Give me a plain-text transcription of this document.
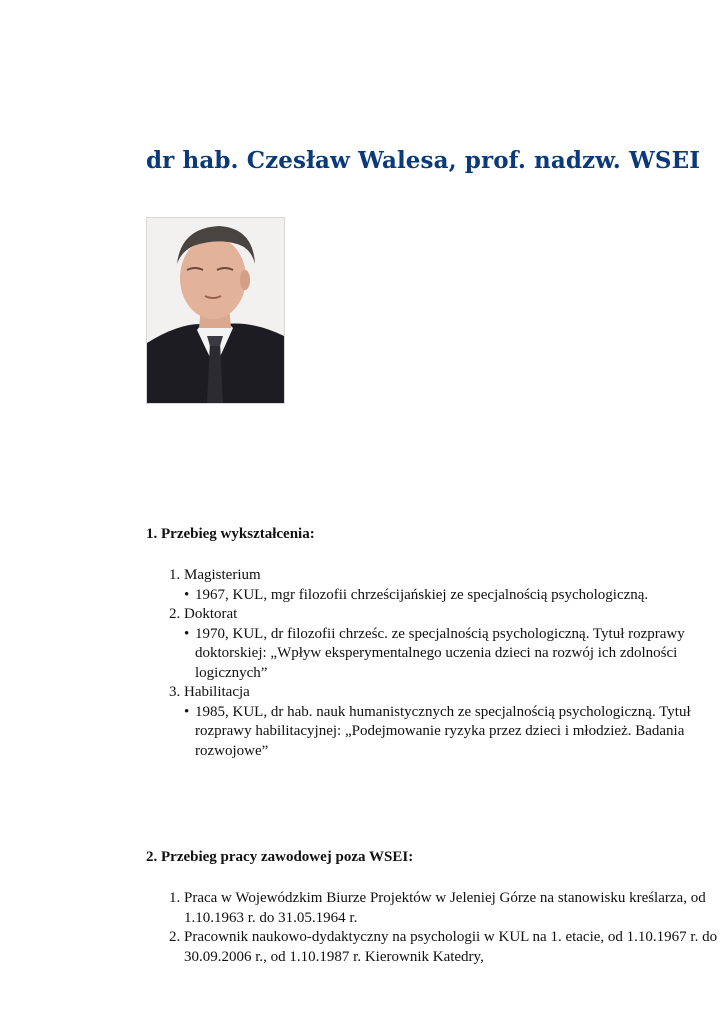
dr hab. Czesław Walesa, prof. nadzw. WSEI
1. Przebieg wykształcenia:
1. Magisterium
• 1967, KUL, mgr filozofii chrześcijańskiej ze specjalnością psychologiczną.
2. Doktorat
• 1970, KUL, dr filozofii chrześc. ze specjalnością psychologiczną. Tytuł rozprawy doktorskiej: „Wpływ eksperymentalnego uczenia dzieci na rozwój ich zdolności logicznych”
3. Habilitacja
• 1985, KUL, dr hab. nauk humanistycznych ze specjalnością psychologiczną. Tytuł rozprawy habilitacyjnej: „Podejmowanie ryzyka przez dzieci i młodzież. Badania rozwojowe”
2. Przebieg pracy zawodowej poza WSEI:
1. Praca w Wojewódzkim Biurze Projektów w Jeleniej Górze na stanowisku kreślarza, od 1.10.1963 r. do 31.05.1964 r.
2. Pracownik naukowo-dydaktyczny na psychologii w KUL na 1. etacie, od 1.10.1967 r. do 30.09.2006 r., od 1.10.1987 r. Kierownik Katedry,
